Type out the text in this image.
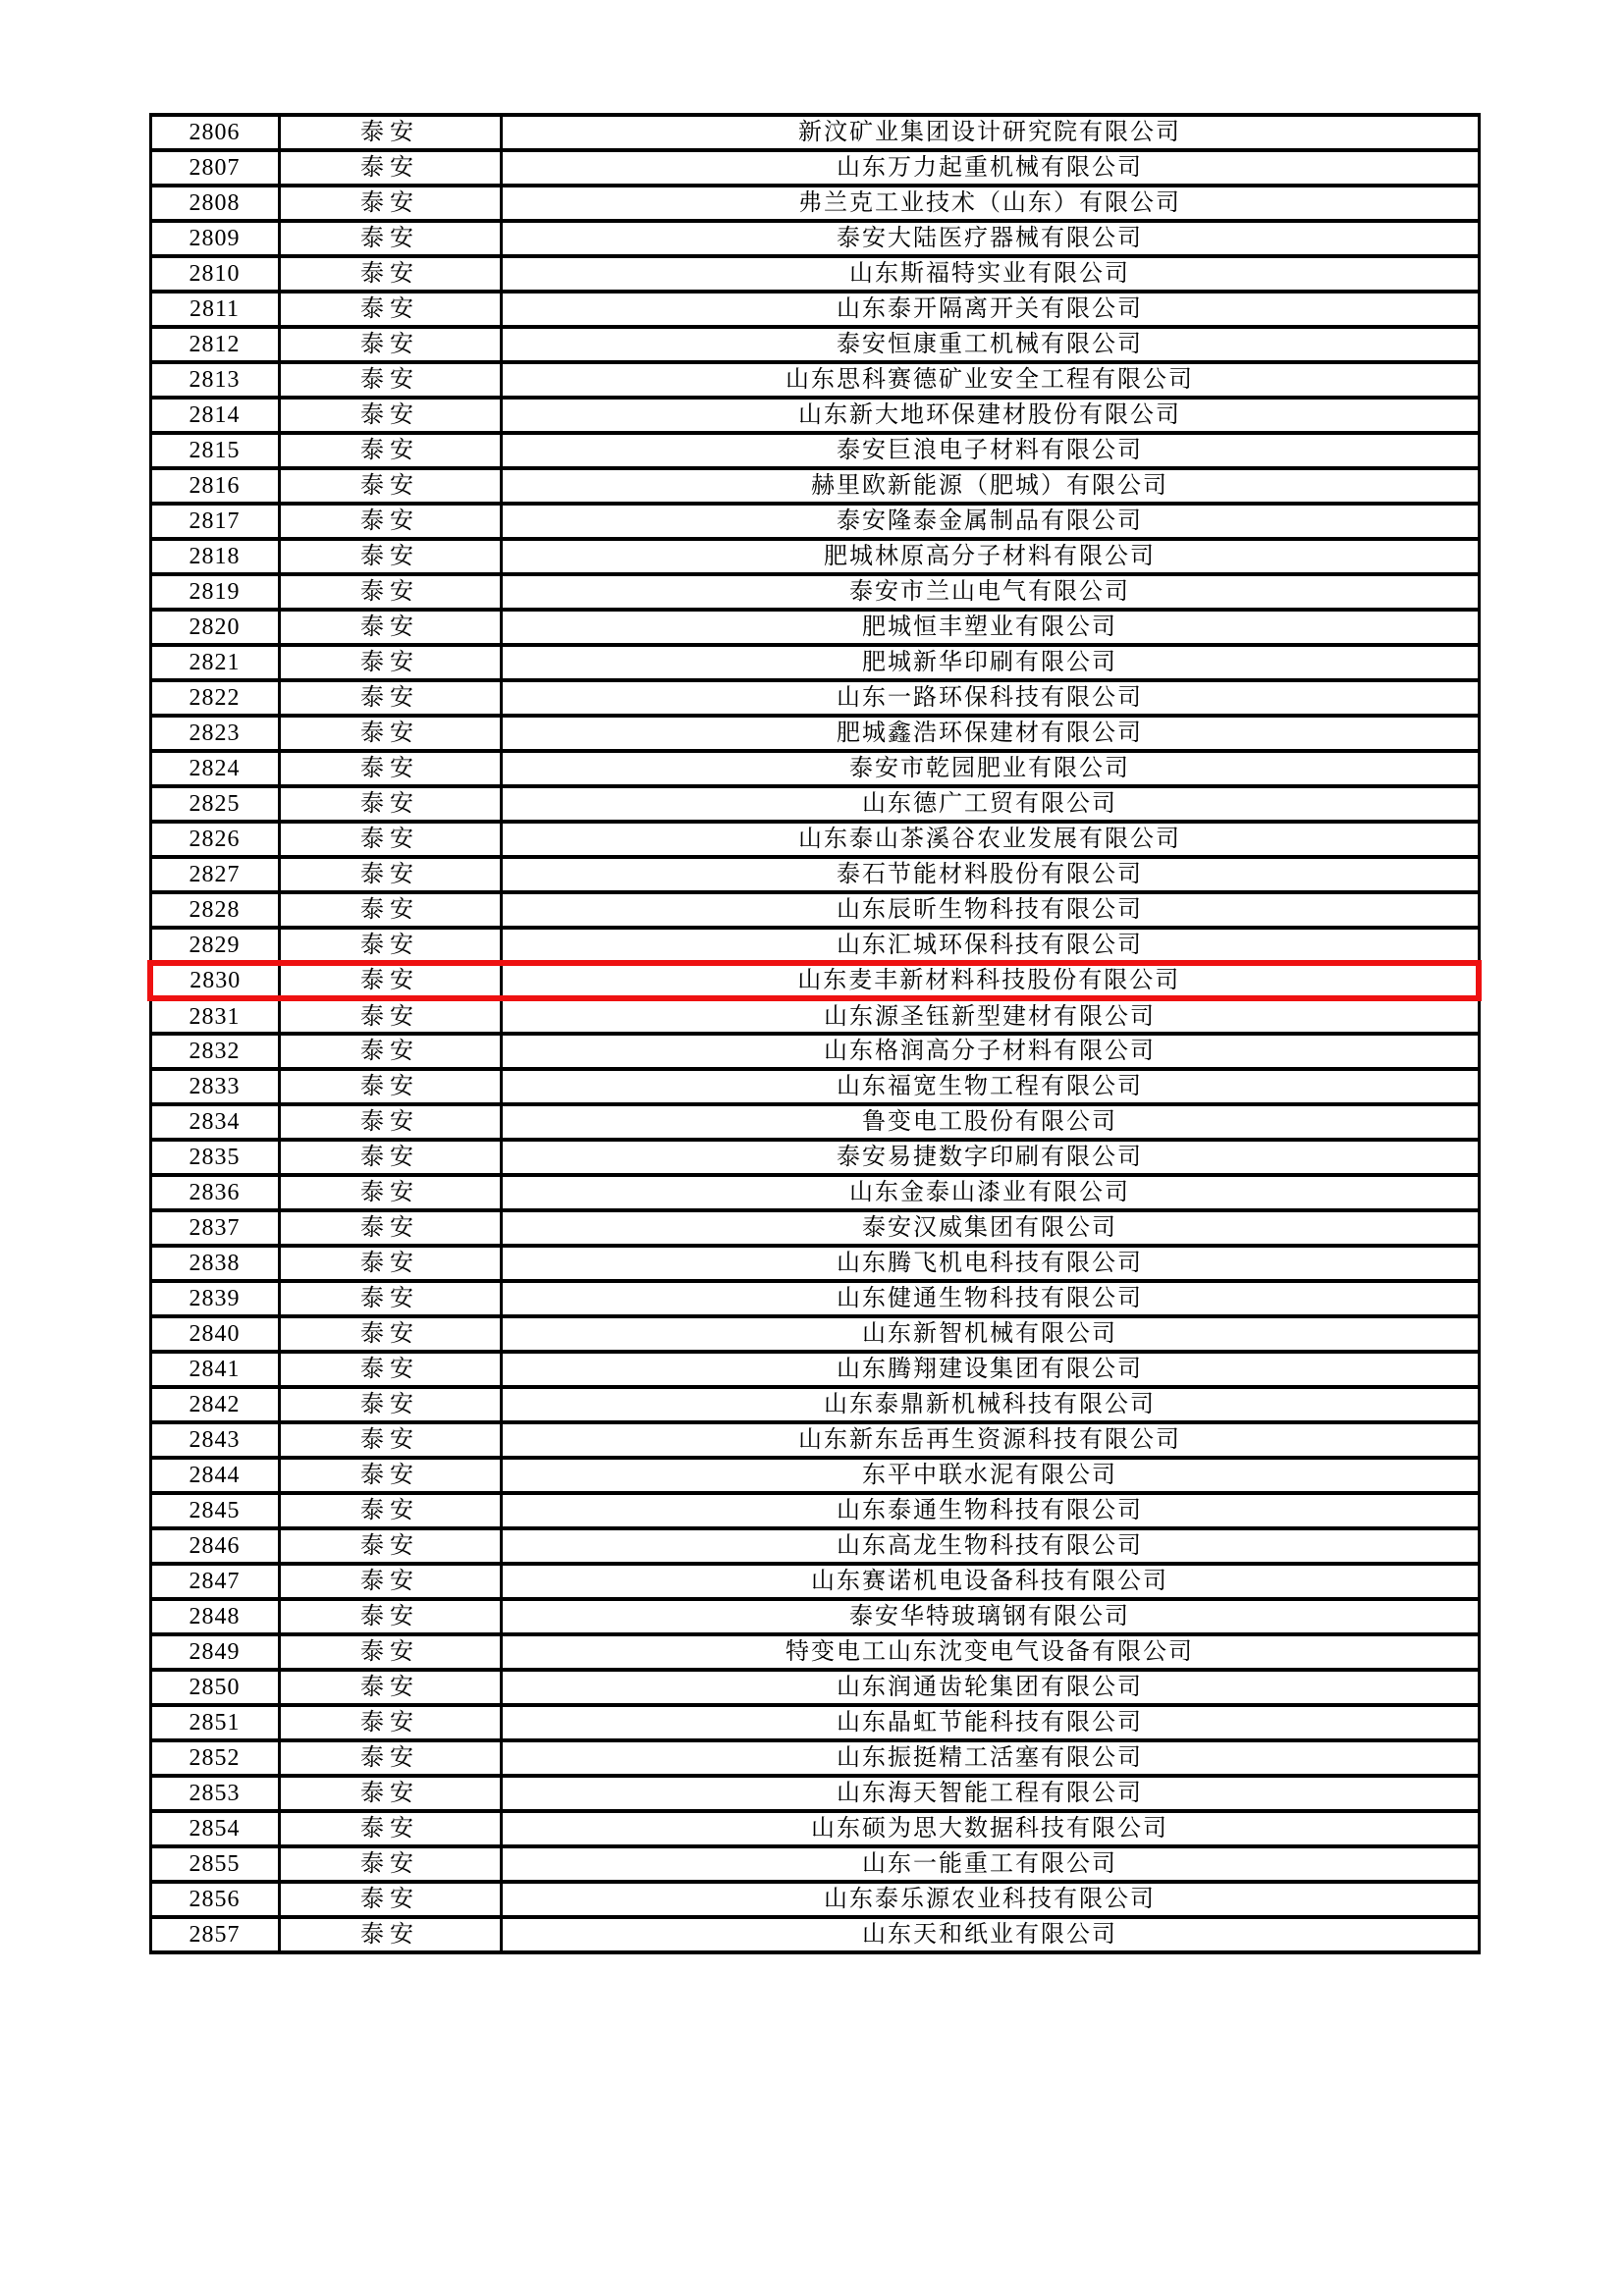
2806	泰安	新汶矿业集团设计研究院有限公司
2807	泰安	山东万力起重机械有限公司
2808	泰安	弗兰克工业技术（山东）有限公司
2809	泰安	泰安大陆医疗器械有限公司
2810	泰安	山东斯福特实业有限公司
2811	泰安	山东泰开隔离开关有限公司
2812	泰安	泰安恒康重工机械有限公司
2813	泰安	山东思科赛德矿业安全工程有限公司
2814	泰安	山东新大地环保建材股份有限公司
2815	泰安	泰安巨浪电子材料有限公司
2816	泰安	赫里欧新能源（肥城）有限公司
2817	泰安	泰安隆泰金属制品有限公司
2818	泰安	肥城林原高分子材料有限公司
2819	泰安	泰安市兰山电气有限公司
2820	泰安	肥城恒丰塑业有限公司
2821	泰安	肥城新华印刷有限公司
2822	泰安	山东一路环保科技有限公司
2823	泰安	肥城鑫浩环保建材有限公司
2824	泰安	泰安市乾园肥业有限公司
2825	泰安	山东德广工贸有限公司
2826	泰安	山东泰山茶溪谷农业发展有限公司
2827	泰安	泰石节能材料股份有限公司
2828	泰安	山东辰昕生物科技有限公司
2829	泰安	山东汇城环保科技有限公司
2830	泰安	山东麦丰新材料科技股份有限公司
2831	泰安	山东源圣钰新型建材有限公司
2832	泰安	山东格润高分子材料有限公司
2833	泰安	山东福宽生物工程有限公司
2834	泰安	鲁变电工股份有限公司
2835	泰安	泰安易捷数字印刷有限公司
2836	泰安	山东金泰山漆业有限公司
2837	泰安	泰安汉威集团有限公司
2838	泰安	山东腾飞机电科技有限公司
2839	泰安	山东健通生物科技有限公司
2840	泰安	山东新智机械有限公司
2841	泰安	山东腾翔建设集团有限公司
2842	泰安	山东泰鼎新机械科技有限公司
2843	泰安	山东新东岳再生资源科技有限公司
2844	泰安	东平中联水泥有限公司
2845	泰安	山东泰通生物科技有限公司
2846	泰安	山东高龙生物科技有限公司
2847	泰安	山东赛诺机电设备科技有限公司
2848	泰安	泰安华特玻璃钢有限公司
2849	泰安	特变电工山东沈变电气设备有限公司
2850	泰安	山东润通齿轮集团有限公司
2851	泰安	山东晶虹节能科技有限公司
2852	泰安	山东振挺精工活塞有限公司
2853	泰安	山东海天智能工程有限公司
2854	泰安	山东硕为思大数据科技有限公司
2855	泰安	山东一能重工有限公司
2856	泰安	山东泰乐源农业科技有限公司
2857	泰安	山东天和纸业有限公司
